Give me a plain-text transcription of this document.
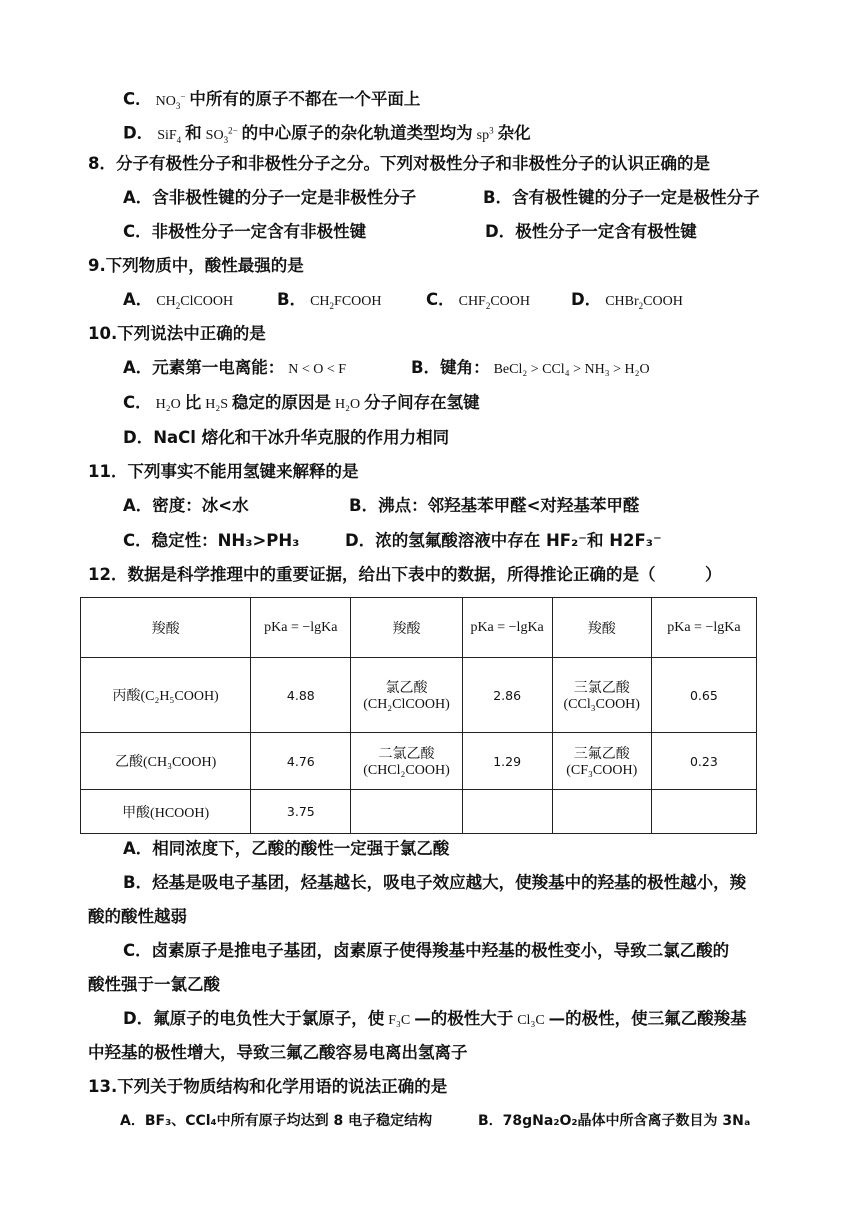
C． $NO_3^-$ 中所有的原子不都在一个平面上
D． SiF$_4$ 和 $SO_3^{2-}$ 的中心原子的杂化轨道类型均为 $sp^3$ 杂化
8．分子有极性分子和非极性分子之分。下列对极性分子和非极性分子的认识正确的是
A．含非极性键的分子一定是非极性分子	B．含有极性键的分子一定是极性分子
C．非极性分子一定含有非极性键	D．极性分子一定含有极性键
9.下列物质中，酸性最强的是
A． $CH_2ClCOOH$	B． $CH_2FCOOH$	C． $CHF_2COOH$ D． CHBr$_2$COOH
10.下列说法中正确的是
A．元素第一电离能： N < O < F	B．键角： BeCl₂ > CCl₄ > NH₃ > H₂O
C． H₂O 比 H₂S 稳定的原因是 H₂O 分子间存在氢键
D．NaCl 熔化和干冰升华克服的作用力相同
11．下列事实不能用氢键来解释的是
A．密度：冰<水	B．沸点：邻羟基苯甲醛<对羟基苯甲醛
C．稳定性：NH₃>PH₃	D．浓的氢氟酸溶液中存在 HF₂⁻和 H2F₃⁻
12．数据是科学推理中的重要证据，给出下表中的数据，所得推论正确的是（　　　）
羧酸	pKa = −lgKa	羧酸	pKa = −lgKa	羧酸	pKa = −lgKa
丙酸(C₂H₅COOH)	4.88	氯乙酸 (CH₂ClCOOH)	2.86	三氯乙酸 (CCl₃COOH)	0.65
乙酸(CH₃COOH)	4.76	二氯乙酸 (CHCl₂COOH)	1.29	三氟乙酸 (CF₃COOH)	0.23
甲酸(HCOOH)	3.75				
A．相同浓度下，乙酸的酸性一定强于氯乙酸
B．烃基是吸电子基团，烃基越长，吸电子效应越大，使羧基中的羟基的极性越小，羧
酸的酸性越弱
C．卤素原子是推电子基团，卤素原子使得羧基中羟基的极性变小，导致二氯乙酸的
酸性强于一氯乙酸
D．氟原子的电负性大于氯原子，使 F₃C —的极性大于 Cl₃C —的极性，使三氟乙酸羧基
中羟基的极性增大，导致三氟乙酸容易电离出氢离子
13.下列关于物质结构和化学用语的说法正确的是
A．BF₃、CCl₄中所有原子均达到 8 电子稳定结构	B．78gNa₂O₂晶体中所含离子数目为 3Nₐ
